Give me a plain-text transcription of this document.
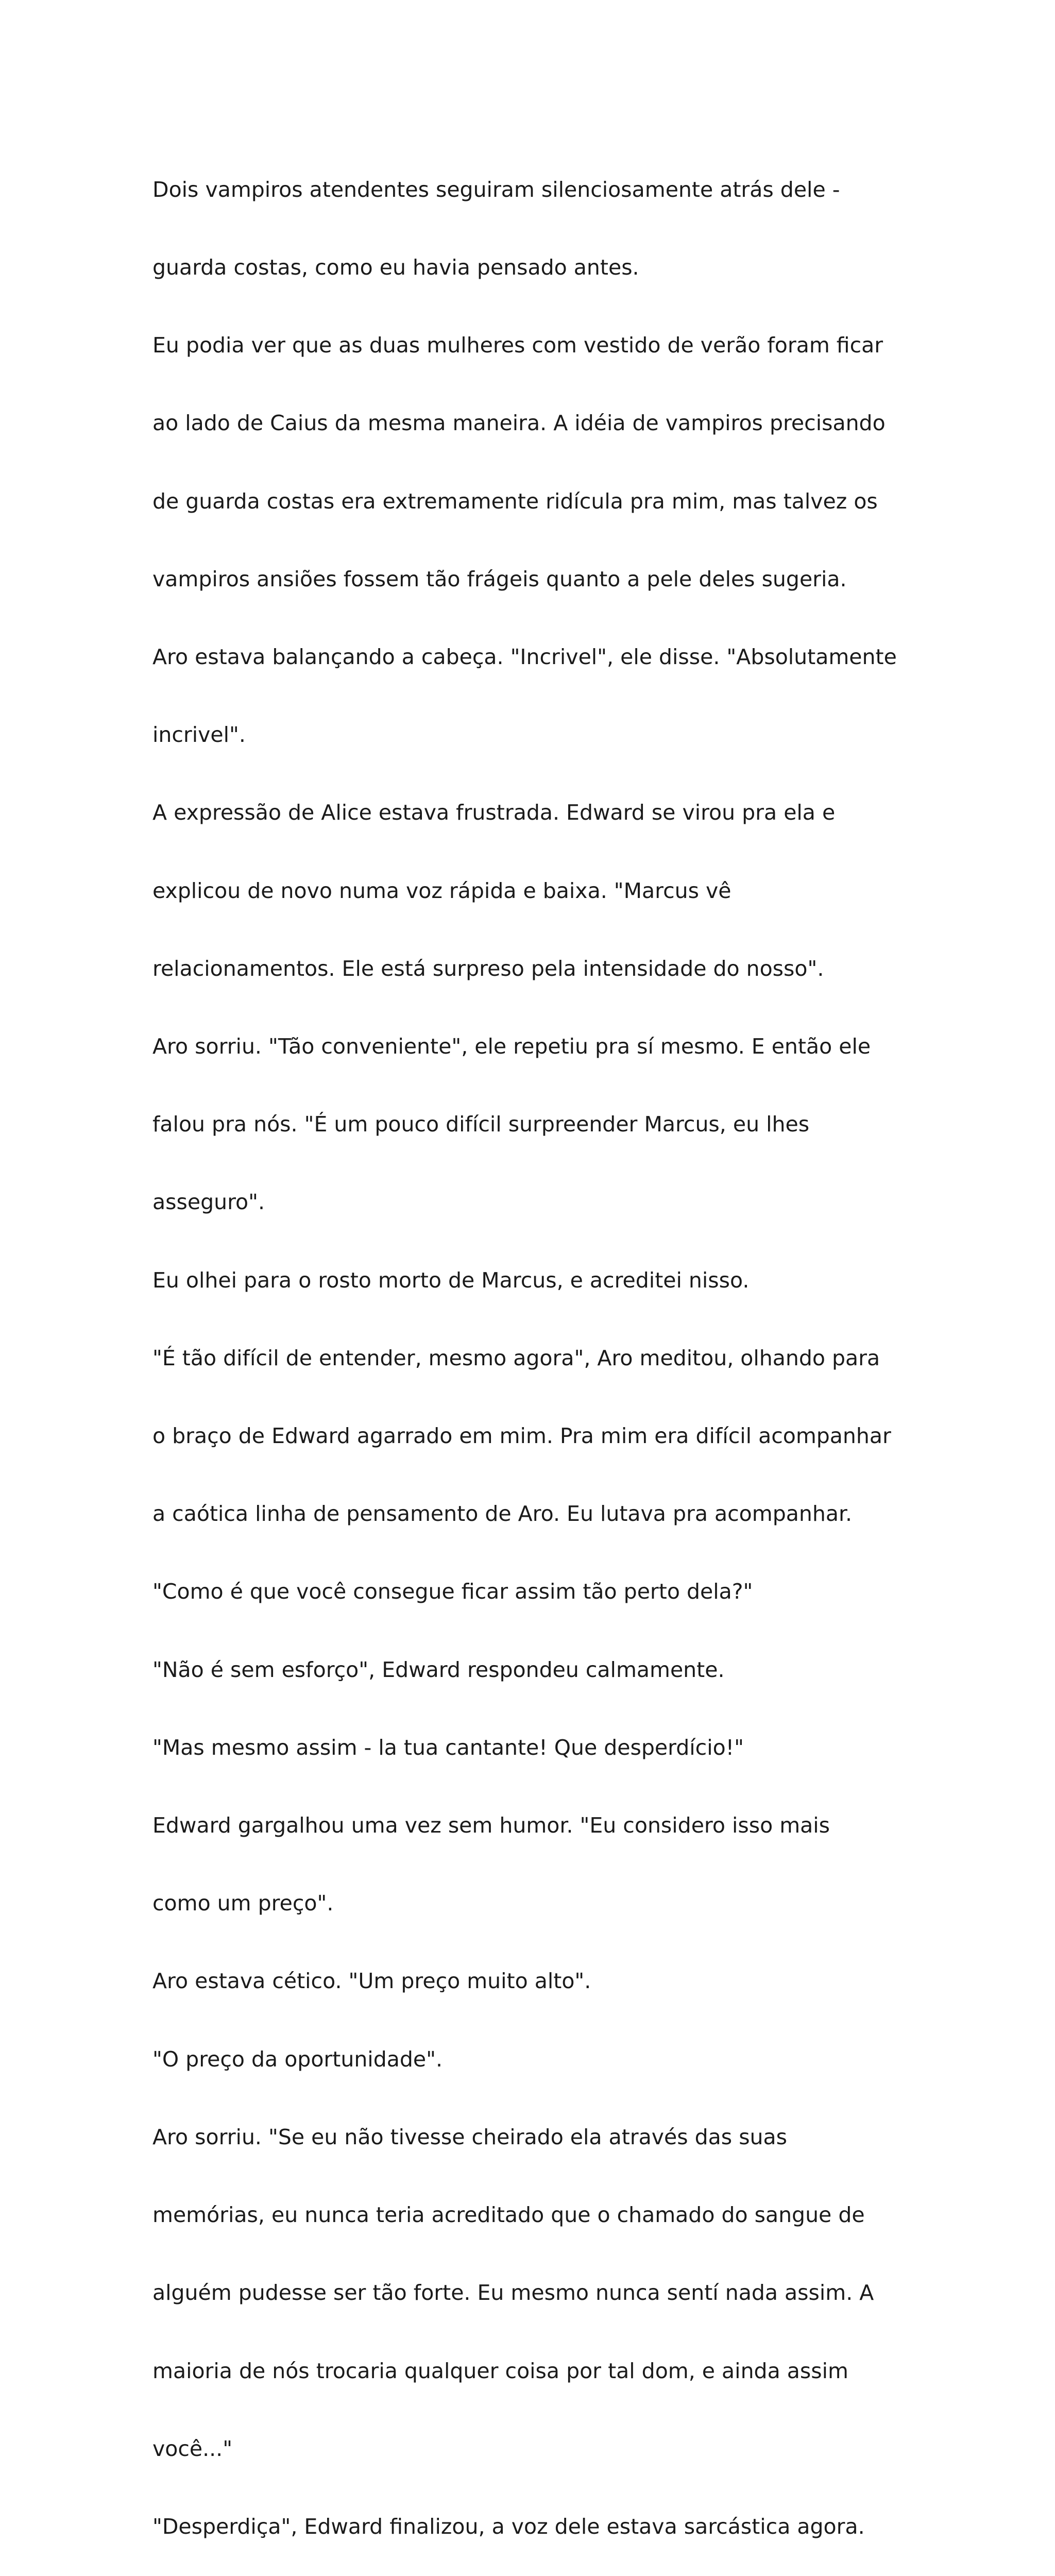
Dois vampiros atendentes seguiram silenciosamente atrás dele -

guarda costas, como eu havia pensado antes.

Eu podia ver que as duas mulheres com vestido de verão foram ficar

ao lado de Caius da mesma maneira. A idéia de vampiros precisando

de guarda costas era extremamente ridícula pra mim, mas talvez os

vampiros ansiões fossem tão frágeis quanto a pele deles sugeria.

Aro estava balançando a cabeça. "Incrivel", ele disse. "Absolutamente

incrivel".

A expressão de Alice estava frustrada. Edward se virou pra ela e

explicou de novo numa voz rápida e baixa. "Marcus vê

relacionamentos. Ele está surpreso pela intensidade do nosso".

Aro sorriu. "Tão conveniente", ele repetiu pra sí mesmo. E então ele

falou pra nós. "É um pouco difícil surpreender Marcus, eu lhes

asseguro".

Eu olhei para o rosto morto de Marcus, e acreditei nisso.

"É tão difícil de entender, mesmo agora", Aro meditou, olhando para

o braço de Edward agarrado em mim. Pra mim era difícil acompanhar

a caótica linha de pensamento de Aro. Eu lutava pra acompanhar.

"Como é que você consegue ficar assim tão perto dela?"

"Não é sem esforço", Edward respondeu calmamente.

"Mas mesmo assim - la tua cantante! Que desperdício!"

Edward gargalhou uma vez sem humor. "Eu considero isso mais

como um preço".

Aro estava cético. "Um preço muito alto".

"O preço da oportunidade".

Aro sorriu. "Se eu não tivesse cheirado ela através das suas

memórias, eu nunca teria acreditado que o chamado do sangue de

alguém pudesse ser tão forte. Eu mesmo nunca sentí nada assim. A

maioria de nós trocaria qualquer coisa por tal dom, e ainda assim

você..."

"Desperdiça", Edward finalizou, a voz dele estava sarcástica agora.
